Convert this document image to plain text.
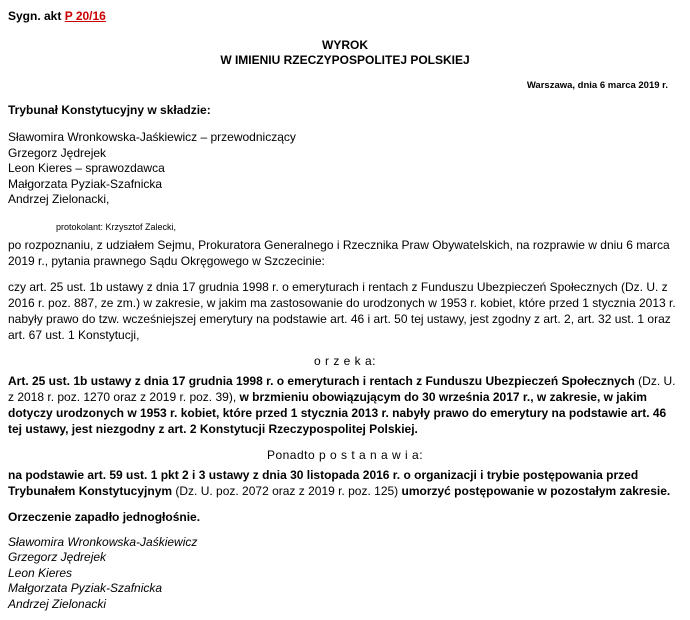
Sygn. akt P 20/16
WYROK
W IMIENIU RZECZYPOSPOLITEJ POLSKIEJ
Warszawa, dnia 6 marca 2019 r.
Trybunał Konstytucyjny w składzie:
Sławomira Wronkowska-Jaśkiewicz – przewodniczący
Grzegorz Jędrejek
Leon Kieres – sprawozdawca
Małgorzata Pyziak-Szafnicka
Andrzej Zielonacki,
protokolant: Krzysztof Zalecki,

po rozpoznaniu, z udziałem Sejmu, Prokuratora Generalnego i Rzecznika Praw Obywatelskich, na rozprawie w dniu 6 marca 2019 r., pytania prawnego Sądu Okręgowego w Szczecinie:

czy art. 25 ust. 1b ustawy z dnia 17 grudnia 1998 r. o emeryturach i rentach z Funduszu Ubezpieczeń Społecznych (Dz. U. z 2016 r. poz. 887, ze zm.) w zakresie, w jakim ma zastosowanie do urodzonych w 1953 r. kobiet, które przed 1 stycznia 2013 r. nabyły prawo do tzw. wcześniejszej emerytury na podstawie art. 46 i art. 50 tej ustawy, jest zgodny z art. 2, art. 32 ust. 1 oraz art. 67 ust. 1 Konstytucji,

o r z e k a:

Art. 25 ust. 1b ustawy z dnia 17 grudnia 1998 r. o emeryturach i rentach z Funduszu Ubezpieczeń Społecznych (Dz. U. z 2018 r. poz. 1270 oraz z 2019 r. poz. 39), w brzmieniu obowiązującym do 30 września 2017 r., w zakresie, w jakim dotyczy urodzonych w 1953 r. kobiet, które przed 1 stycznia 2013 r. nabyły prawo do emerytury na podstawie art. 46 tej ustawy, jest niezgodny z art. 2 Konstytucji Rzeczypospolitej Polskiej.

Ponadto p o s t a n a w i a:

na podstawie art. 59 ust. 1 pkt 2 i 3 ustawy z dnia 30 listopada 2016 r. o organizacji i trybie postępowania przed Trybunałem Konstytucyjnym (Dz. U. poz. 2072 oraz z 2019 r. poz. 125) umorzyć postępowanie w pozostałym zakresie.

Orzeczenie zapadło jednogłośnie.

Sławomira Wronkowska-Jaśkiewicz
Grzegorz Jędrejek
Leon Kieres
Małgorzata Pyziak-Szafnicka
Andrzej Zielonacki
